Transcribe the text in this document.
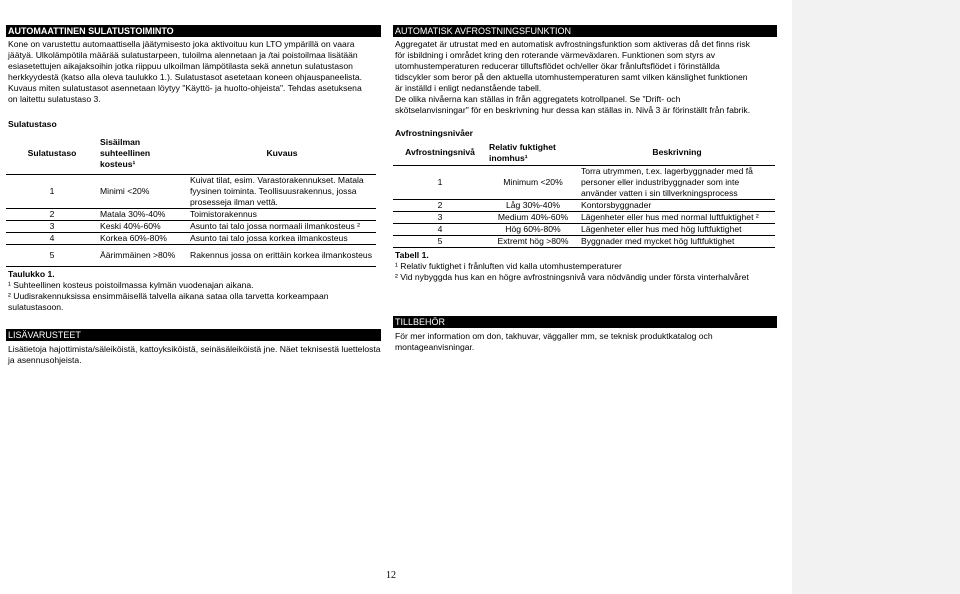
AUTOMAATTINEN SULATUSTOIMINTO

Kone on varustettu automaattisella jäätymisesto joka aktivoituu kun LTO ympärillä on vaara

jäätyä. Ulkolämpötila määrää sulatustarpeen, tuloilma alennetaan ja /tai poistoilmaa lisätään

esiasetettujen aikajaksoihin jotka riippuu ulkoilman lämpötilasta sekä annetun sulatustason

herkkyydestä (katso alla oleva taulukko 1.). Sulatustasot asetetaan koneen ohjauspaneelista.

Kuvaus miten sulatustasot asennetaan löytyy "Käyttö- ja huolto-ohjeista". Tehdas asetuksena

on laitettu sulatustaso 3.

Sulatustaso
Sulatustaso	Sisäilman suhteellinen kosteus¹	Kuvaus
1	Minimi <20%	Kuivat tilat, esim. Varastorakennukset. Matala fyysinen toiminta. Teollisuusrakennus, jossa prosesseja ilman vettä.
2	Matala 30%-40%	Toimistorakennus
3	Keski 40%-60%	Asunto tai talo jossa normaali ilmankosteus ²
4	Korkea 60%-80%	Asunto tai talo jossa korkea ilmankosteus
5	Äärimmäinen >80%	Rakennus jossa on erittäin korkea ilmankosteus
Taulukko 1.
¹ Suhteellinen kosteus poistoilmassa kylmän vuodenajan aikana.
² Uudisrakennuksissa ensimmäisellä talvella aikana sataa olla tarvetta korkeampaan sulatustasoon.
LISÄVARUSTEET
Lisätietoja hajottimista/säleiköistä, kattoyksiköistä, seinäsäleiköistä jne. Näet teknisestä luettelosta ja asennusohjeista.
AUTOMATISK AVFROSTNINGSFUNKTION

Aggregatet är utrustat med en automatisk avfrostningsfunktion som aktiveras då det finns risk

för isbildning i området kring den roterande värmeväxlaren. Funktionen som styrs av

utomhustemperaturen reducerar tilluftsflödet och/eller ökar frånluftsflödet i förinställda

tidscykler som beror på den aktuella utomhustemperaturen samt vilken känslighet funktionen

är inställd i enligt nedanstående tabell.

De olika nivåerna kan ställas in från aggregatets kotrollpanel. Se "Drift- och

skötselanvisningar" för en beskrivning hur dessa kan ställas in. Nivå 3 är förinställt från fabrik.

Avfrostningsnivåer
Avfrostningsnivå	Relativ fuktighet inomhus¹	Beskrivning
1	Minimum <20%	Torra utrymmen, t.ex. lagerbyggnader med få personer eller industribyggnader som inte använder vatten i sin tillverkningsprocess
2	Låg 30%-40%	Kontorsbyggnader
3	Medium 40%-60%	Lägenheter eller hus med normal luftfuktighet ²
4	Hög 60%-80%	Lägenheter eller hus med hög luftfuktighet
5	Extremt hög >80%	Byggnader med mycket hög luftfuktighet
Tabell 1.
¹ Relativ fuktighet i frånluften vid kalla utomhustemperaturer
² Vid nybyggda hus kan en högre avfrostningsnivå vara nödvändig under första vinterhalvåret
TILLBEHÖR
För mer information om don, takhuvar, väggaller mm, se teknisk produktkatalog och montageanvisningar.
12
